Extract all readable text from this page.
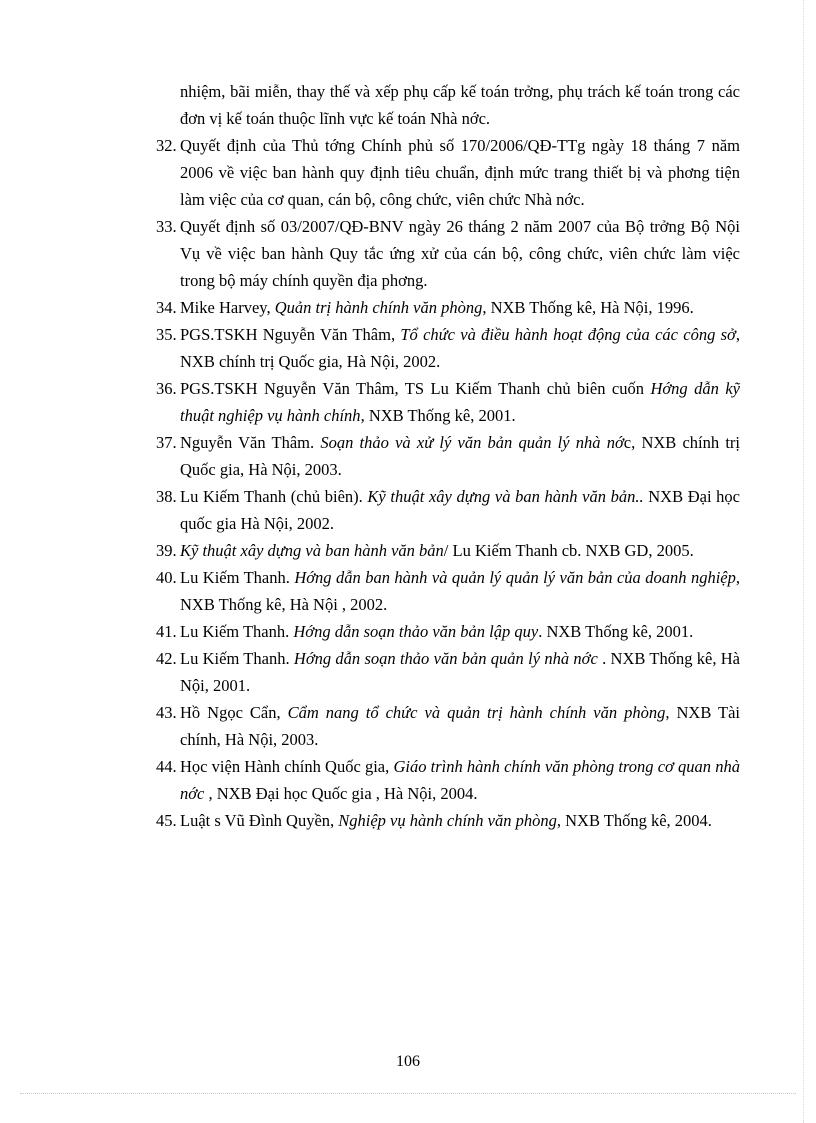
nhiệm, bãi miễn, thay thế và xếp phụ cấp kế toán trởng, phụ trách kế toán trong các đơn vị kế toán thuộc lĩnh vực kế toán Nhà nớc.
32. Quyết định của Thủ tớng Chính phủ số 170/2006/QĐ-TTg ngày 18 tháng 7 năm 2006 về việc ban hành quy định tiêu chuẩn, định mức trang thiết bị và phơng tiện làm việc của cơ quan, cán bộ, công chức, viên chức Nhà nớc.
33. Quyết định số 03/2007/QĐ-BNV ngày 26 tháng 2 năm 2007 của Bộ trởng Bộ Nội Vụ về việc ban hành Quy tắc ứng xử của cán bộ, công chức, viên chức làm việc trong bộ máy chính quyền địa phơng.
34. Mike Harvey, Quản trị hành chính văn phòng, NXB Thống kê, Hà Nội, 1996.
35. PGS.TSKH Nguyễn Văn Thâm, Tổ chức và điều hành hoạt động của các công sở, NXB chính trị Quốc gia, Hà Nội, 2002.
36. PGS.TSKH Nguyễn Văn Thâm, TS Lu Kiếm Thanh chủ biên cuốn Hớng dẫn kỹ thuật nghiệp vụ hành chính, NXB Thống kê, 2001.
37. Nguyễn Văn Thâm. Soạn thảo và xử lý văn bản quản lý nhà nớc, NXB chính trị Quốc gia, Hà Nội, 2003.
38. Lu Kiếm Thanh (chủ biên). Kỹ thuật xây dựng và ban hành văn bản.. NXB Đại học quốc gia Hà Nội, 2002.
39. Kỹ thuật xây dựng và ban hành văn bản/ Lu Kiếm Thanh cb. NXB GD, 2005.
40. Lu Kiếm Thanh. Hớng dẫn ban hành và quản lý quản lý văn bản của doanh nghiệp, NXB Thống kê, Hà Nội , 2002.
41. Lu Kiếm Thanh. Hớng dẫn soạn thảo văn bản lập quy. NXB Thống kê, 2001.
42. Lu Kiếm Thanh. Hớng dẫn soạn thảo văn bản quản lý nhà nớc . NXB Thống kê, Hà Nội, 2001.
43. Hồ Ngọc Cẩn, Cẩm nang tổ chức và quản trị hành chính văn phòng, NXB Tài chính, Hà Nội, 2003.
44. Học viện Hành chính Quốc gia, Giáo trình hành chính văn phòng trong cơ quan nhà nớc , NXB Đại học Quốc gia , Hà Nội, 2004.
45. Luật s Vũ Đình Quyền, Nghiệp vụ hành chính văn phòng, NXB Thống kê, 2004.
106
